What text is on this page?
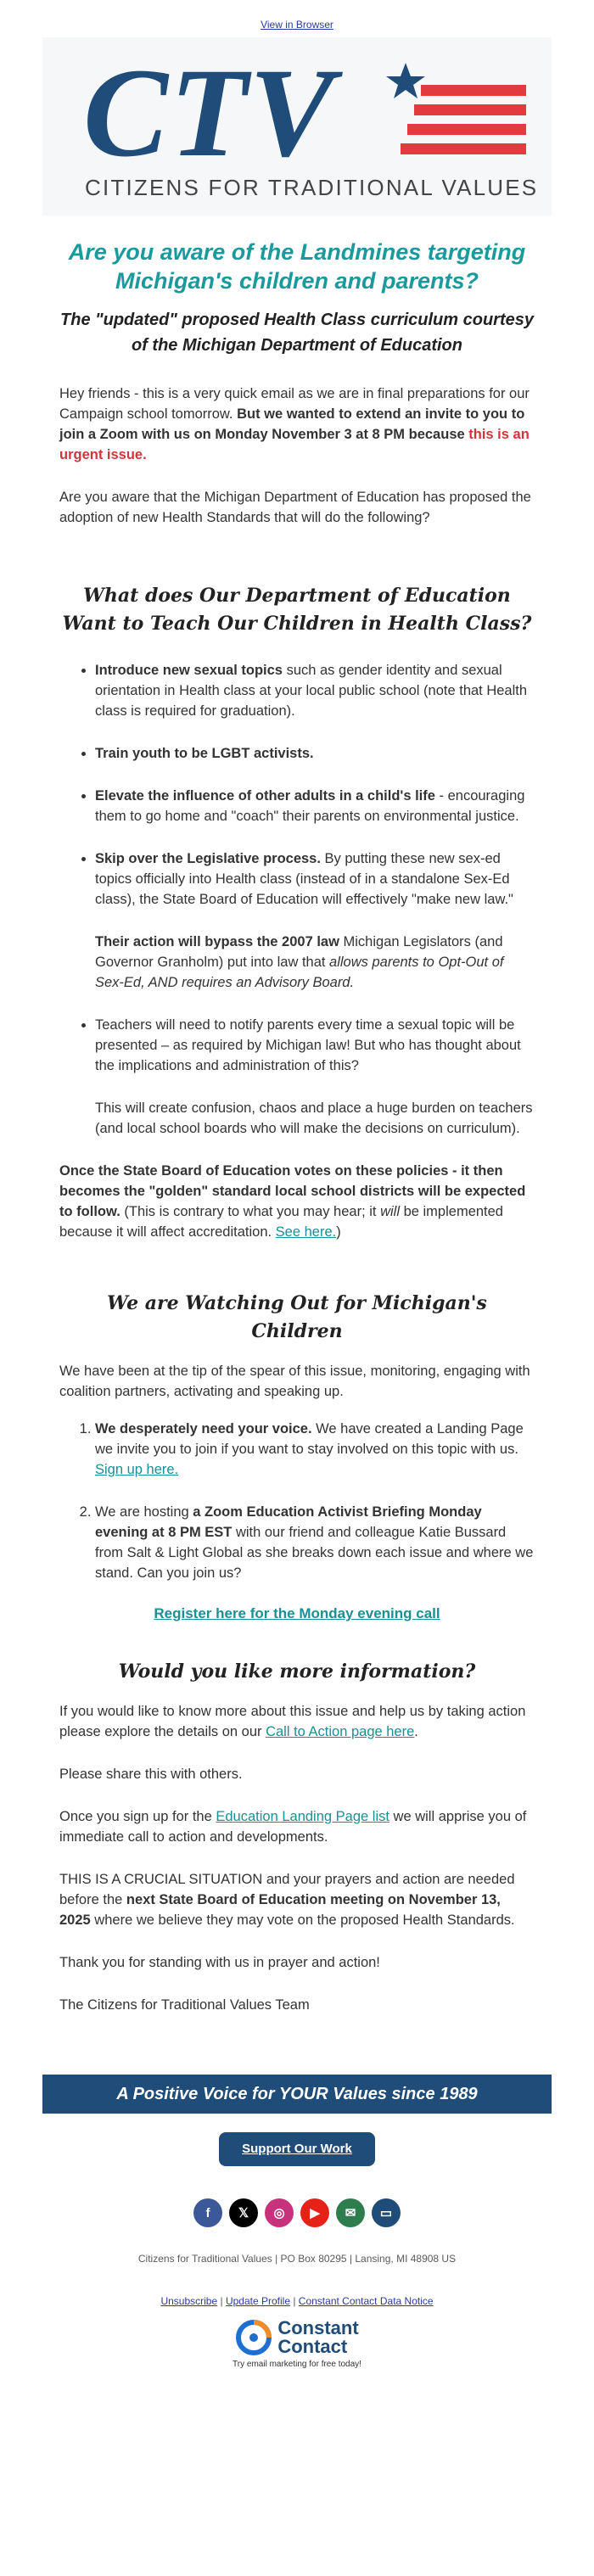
View in Browser
CTV
CITIZENS FOR TRADITIONAL VALUES
Are you aware of the Landmines targeting Michigan's children and parents?
The "updated" proposed Health Class curriculum courtesy of the Michigan Department of Education

Hey friends - this is a very quick email as we are in final preparations for our Campaign school tomorrow. But we wanted to extend an invite to you to join a Zoom with us on Monday November 3 at 8 PM because this is an urgent issue.

Are you aware that the Michigan Department of Education has proposed the adoption of new Health Standards that will do the following?

What does Our Department of Education Want to Teach Our Children in Health Class?
• Introduce new sexual topics such as gender identity and sexual orientation in Health class at your local public school (note that Health class is required for graduation).
• Train youth to be LGBT activists.
• Elevate the influence of other adults in a child's life - encouraging them to go home and "coach" their parents on environmental justice.
• Skip over the Legislative process. By putting these new sex-ed topics officially into Health class (instead of in a standalone Sex-Ed class), the State Board of Education will effectively "make new law."
Their action will bypass the 2007 law Michigan Legislators (and Governor Granholm) put into law that allows parents to Opt-Out of Sex-Ed, AND requires an Advisory Board.
• Teachers will need to notify parents every time a sexual topic will be presented – as required by Michigan law! But who has thought about the implications and administration of this?
This will create confusion, chaos and place a huge burden on teachers (and local school boards who will make the decisions on curriculum).

Once the State Board of Education votes on these policies - it then becomes the "golden" standard local school districts will be expected to follow. (This is contrary to what you may hear; it will be implemented because it will affect accreditation. See here.)

We are Watching Out for Michigan's Children

We have been at the tip of the spear of this issue, monitoring, engaging with coalition partners, activating and speaking up.

1. We desperately need your voice. We have created a Landing Page we invite you to join if you want to stay involved on this topic with us. Sign up here.
2. We are hosting a Zoom Education Activist Briefing Monday evening at 8 PM EST with our friend and colleague Katie Bussard from Salt & Light Global as she breaks down each issue and where we stand. Can you join us?
Register here for the Monday evening call
Would you like more information?

If you would like to know more about this issue and help us by taking action please explore the details on our Call to Action page here.

Please share this with others.

Once you sign up for the Education Landing Page list we will apprise you of immediate call to action and developments.

THIS IS A CRUCIAL SITUATION and your prayers and action are needed before the next State Board of Education meeting on November 13, 2025 where we believe they may vote on the proposed Health Standards.

Thank you for standing with us in prayer and action!

The Citizens for Traditional Values Team

A Positive Voice for YOUR Values since 1989
Support Our Work
f	𝕏	◎	▶	✉	▭
Citizens for Traditional Values | PO Box 80295 | Lansing, MI 48908 US
Unsubscribe | Update Profile | Constant Contact Data Notice
Constant
Contact
Try email marketing for free today!
